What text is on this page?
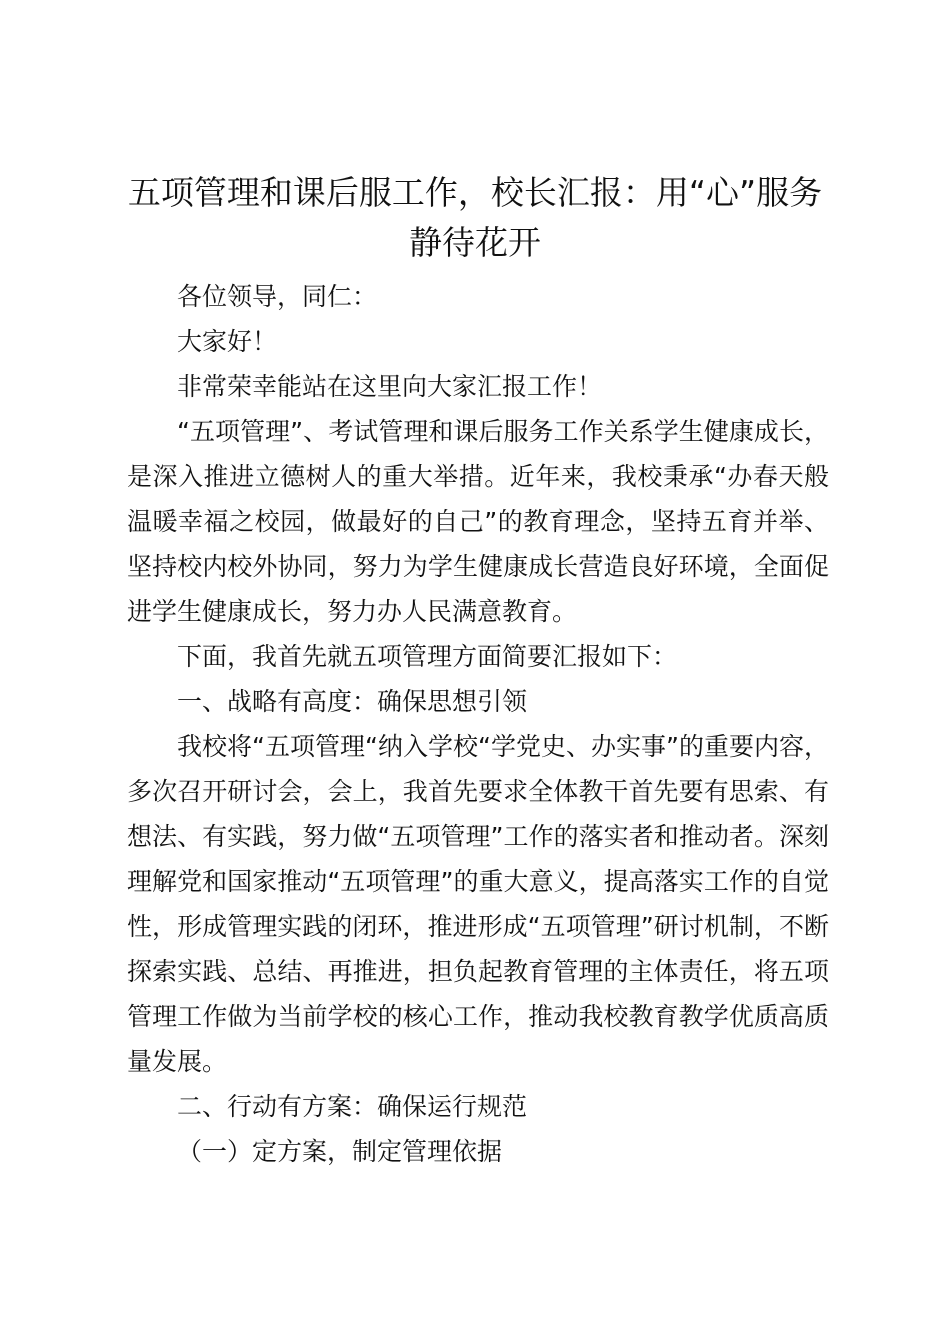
五项管理和课后服工作，校长汇报：用“心”服务 静待花开

各位领导，同仁：

大家好！

非常荣幸能站在这里向大家汇报工作！

“五项管理”、考试管理和课后服务工作关系学生健康成长，是深入推进立德树人的重大举措。近年来，我校秉承“办春天般温暖幸福之校园，做最好的自己”的教育理念，坚持五育并举、坚持校内校外协同，努力为学生健康成长营造良好环境，全面促进学生健康成长，努力办人民满意教育。

下面，我首先就五项管理方面简要汇报如下：

一、战略有高度：确保思想引领

我校将“五项管理“纳入学校“学党史、办实事”的重要内容，多次召开研讨会，会上，我首先要求全体教干首先要有思索、有想法、有实践，努力做“五项管理”工作的落实者和推动者。深刻理解党和国家推动“五项管理”的重大意义，提高落实工作的自觉性，形成管理实践的闭环，推进形成“五项管理”研讨机制，不断探索实践、总结、再推进，担负起教育管理的主体责任，将五项管理工作做为当前学校的核心工作，推动我校教育教学优质高质量发展。

二、行动有方案：确保运行规范

（一）定方案，制定管理依据
